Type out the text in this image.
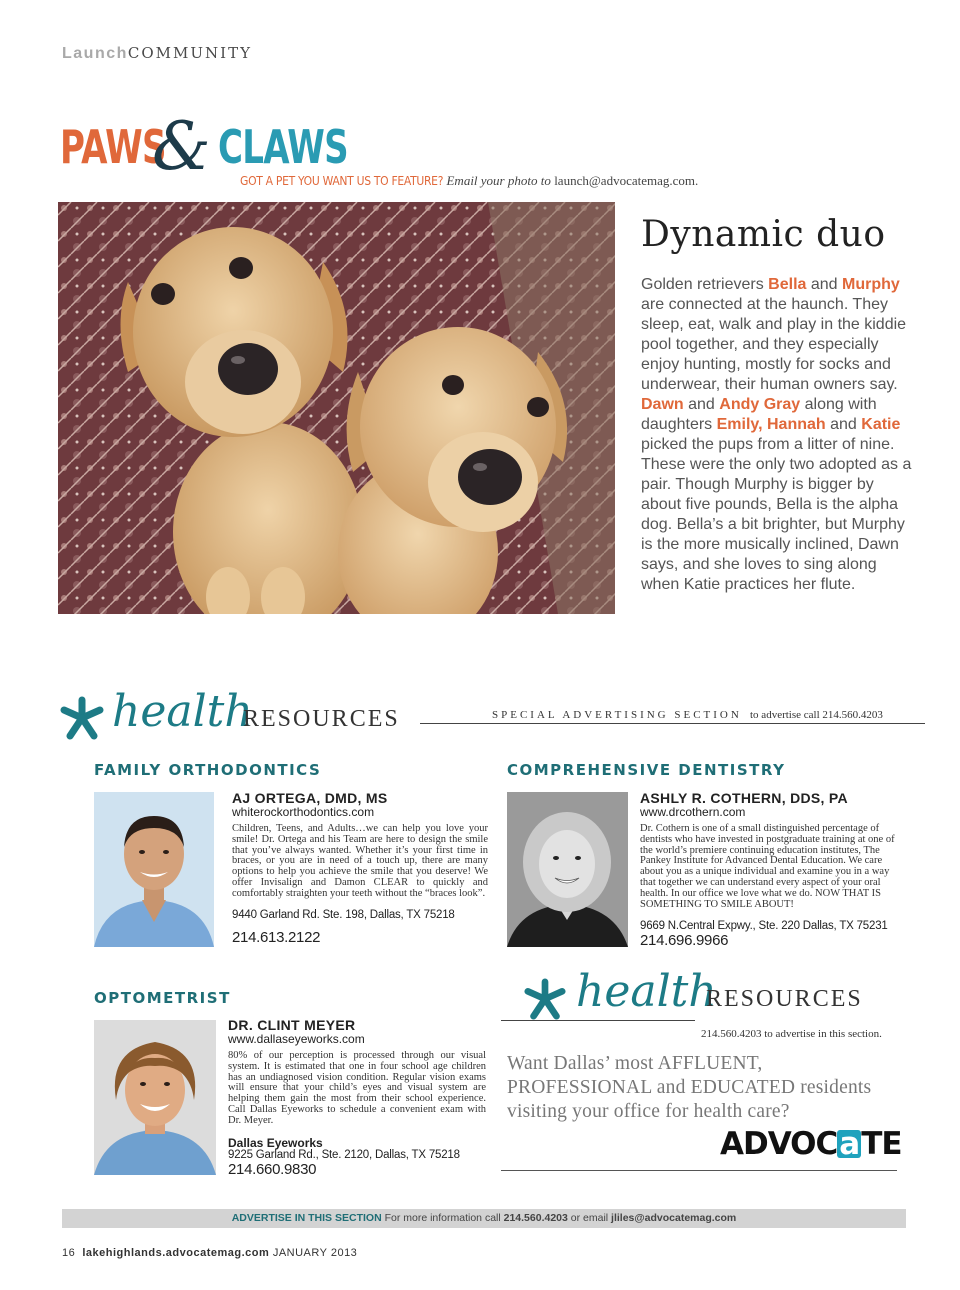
LaunchCOMMUNITY
PAWS
& CLAWS
GOT A PET YOU WANT US TO FEATURE? Email your photo to launch@advocatemag.com.
Dynamic duo
Golden retrievers Bella and Murphy are connected at the haunch. They sleep, eat, walk and play in the kiddie pool together, and they especially enjoy hunting, mostly for socks and underwear, their human owners say. Dawn and Andy Gray along with daughters Emily, Hannah and Katie picked the pups from a litter of nine. These were the only two adopted as a pair. Though Murphy is bigger by about five pounds, Bella is the alpha dog. Bella’s a bit brighter, but Murphy is the more musically inclined, Dawn says, and she loves to sing along when Katie practices her flute.
health
RESOURCES	SPECIAL ADVERTISING SECTION to advertise call 214.560.4203
FAMILY ORTHODONTICS
AJ ORTEGA, DMD, MS
whiterockorthodontics.com
Children, Teens, and Adults…we can help you love your smile! Dr. Ortega and his Team are here to design the smile that you’ve always wanted. Whether it’s your first time in braces, or you are in need of a touch up, there are many options to help you achieve the smile that you deserve! We offer Invisalign and Damon CLEAR to quickly and comfortably straighten your teeth without the “braces look”.
9440 Garland Rd. Ste. 198, Dallas, TX 75218
214.613.2122
COMPREHENSIVE DENTISTRY
ASHLY R. COTHERN, DDS, PA
www.drcothern.com
Dr. Cothern is one of a small distinguished percentage of dentists who have invested in postgraduate training at one of the world’s premiere continuing education institutes, The Pankey Institute for Advanced Dental Education. We care about you as a unique individual and examine you in a way that together we can understand every aspect of your oral health. In our office we love what we do. NOW THAT IS SOMETHING TO SMILE ABOUT!
9669 N.Central Expwy., Ste. 220 Dallas, TX 75231
214.696.9966
OPTOMETRIST
DR. CLINT MEYER
www.dallaseyeworks.com
80% of our perception is processed through our visual system. It is estimated that one in four school age children has an undiagnosed vision condition. Regular vision exams will ensure that your child’s eyes and visual system are helping them gain the most from their school experience. Call Dallas Eyeworks to schedule a convenient exam with Dr. Meyer.
Dallas Eyeworks
9225 Garland Rd., Ste. 2120, Dallas, TX 75218
214.660.9830
health
RESOURCES
214.560.4203 to advertise in this section.
Want Dallas’ most AFFLUENT, PROFESSIONAL and EDUCATED residents visiting your office for health care?
ADVOCaTE
ADVERTISE IN THIS SECTION For more information call 214.560.4203 or email jliles@advocatemag.com
16 lakehighlands.advocatemag.com JANUARY 2013
